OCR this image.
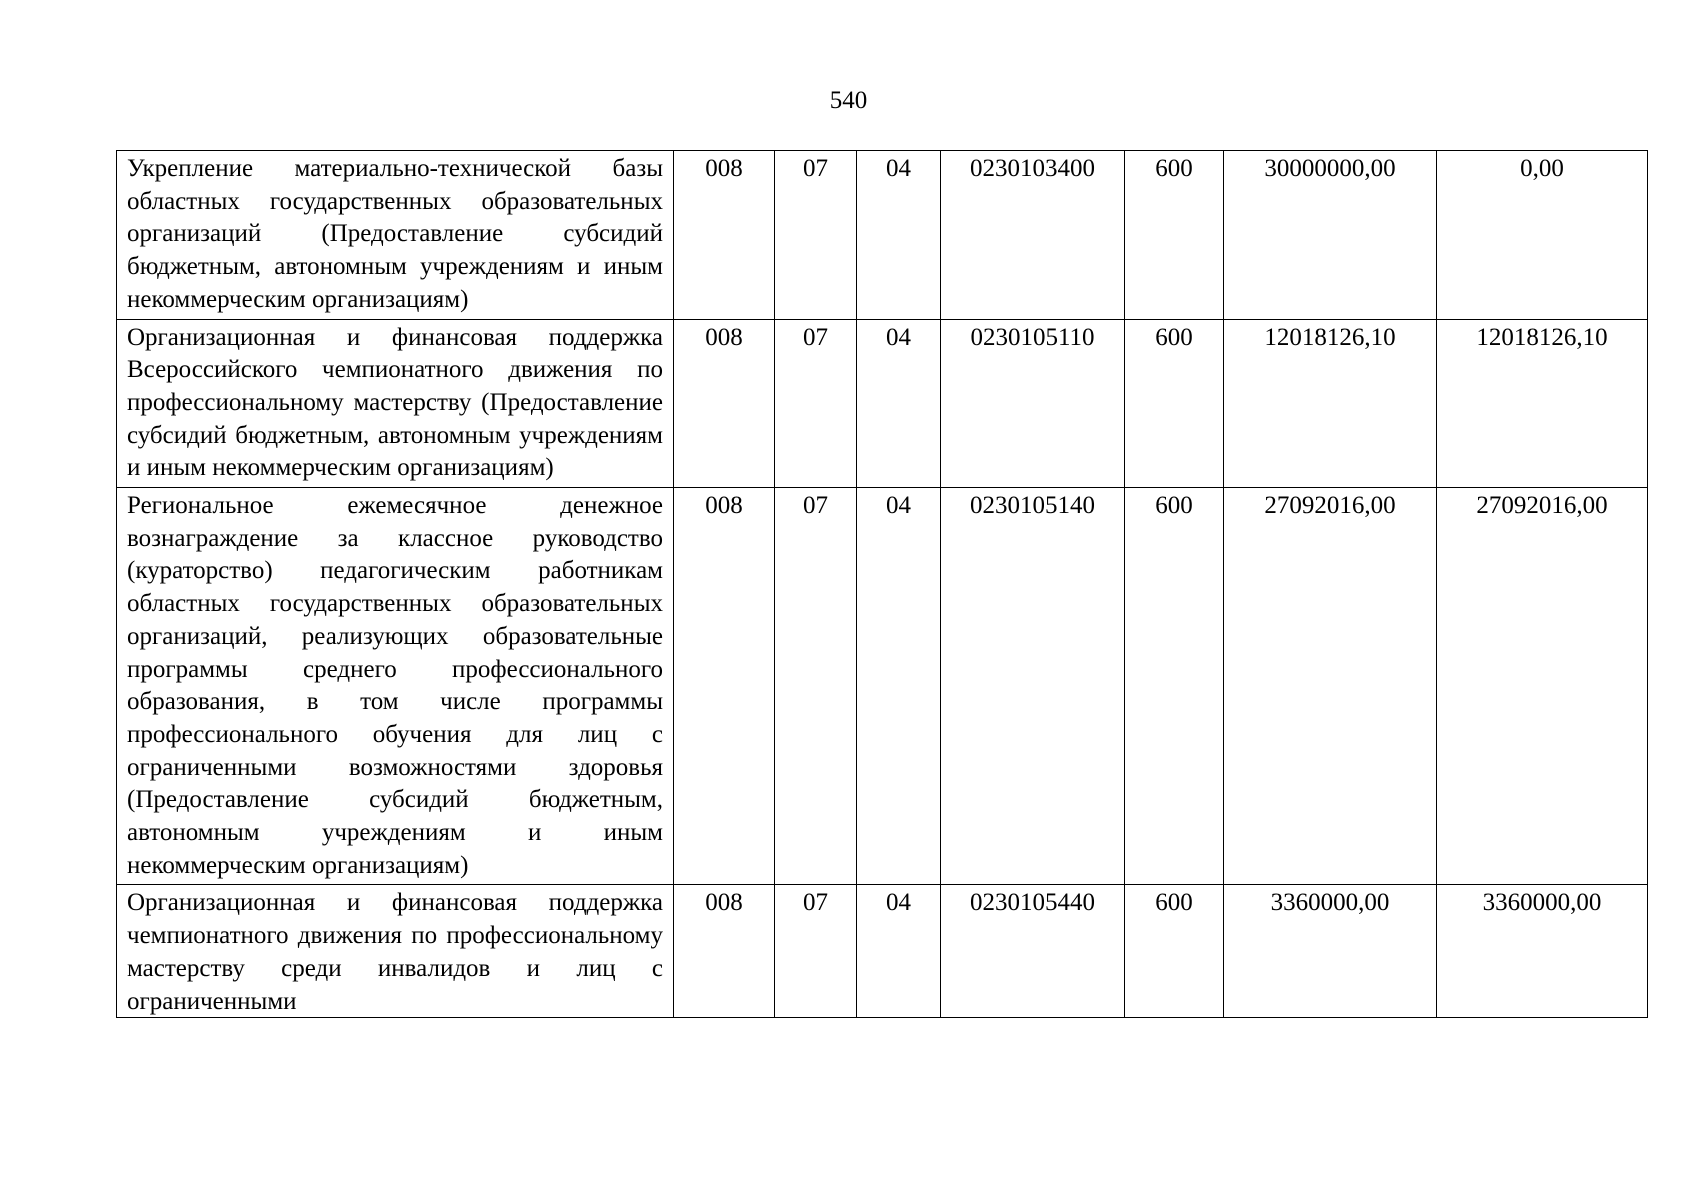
540
Укрепление материально-технической базы областных государственных образовательных организаций (Предоставление субсидий бюджетным, автономным учреждениям и иным некоммерческим организациям)	008	07	04	0230103400	600	30000000,00	0,00
Организационная и финансовая поддержка Всероссийского чемпионатного движения по профессиональному мастерству (Предоставление субсидий бюджетным, автономным учреждениям и иным некоммерческим организациям)	008	07	04	0230105110	600	12018126,10	12018126,10
Региональное ежемесячное денежное вознаграждение за классное руководство (кураторство) педагогическим работникам областных государственных образовательных организаций, реализующих образовательные программы среднего профессионального образования, в том числе программы профессионального обучения для лиц с ограниченными возможностями здоровья (Предоставление субсидий бюджетным, автономным учреждениям и иным некоммерческим организациям)	008	07	04	0230105140	600	27092016,00	27092016,00

Организационная и финансовая поддержка чемпионатного движения по профессиональному мастерству среди инвалидов и лиц с ограниченными	008	07	04	0230105440	600	3360000,00	3360000,00
